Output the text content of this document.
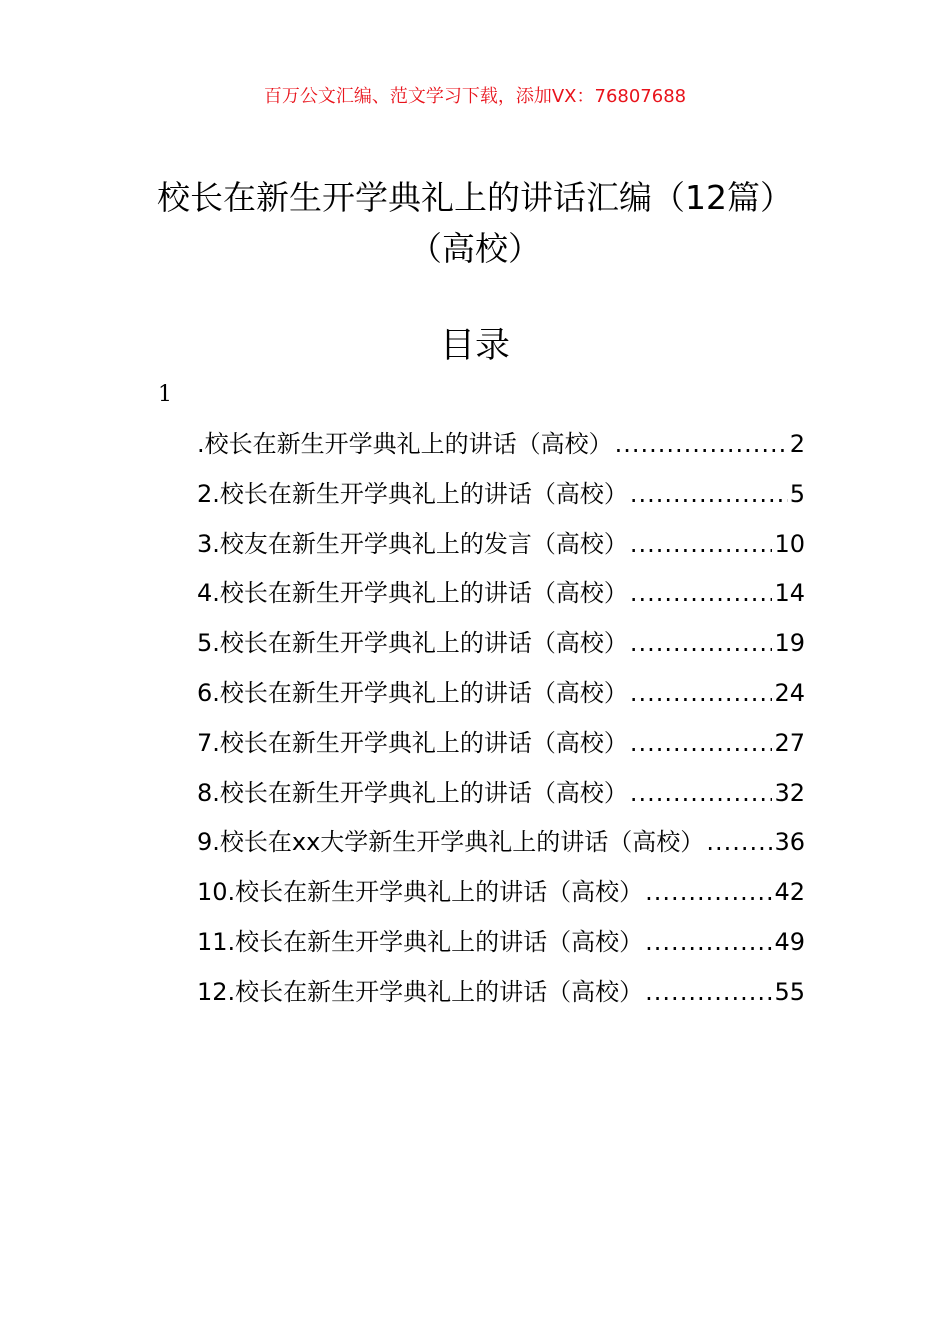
百万公文汇编、范文学习下载，添加VX：76807688
校长在新生开学典礼上的讲话汇编（12篇）（高校）
目录
1
.校长在新生开学典礼上的讲话（高校） .....	2
2.校长在新生开学典礼上的讲话（高校） .....	5
3.校友在新生开学典礼上的发言（高校） .....	10
4.校长在新生开学典礼上的讲话（高校） .....	14
5.校长在新生开学典礼上的讲话（高校） .....	19
6.校长在新生开学典礼上的讲话（高校） .....	24
7.校长在新生开学典礼上的讲话（高校） .....	27
8.校长在新生开学典礼上的讲话（高校） .....	32
9.校长在xx大学新生开学典礼上的讲话（高校） .....	36
10.校长在新生开学典礼上的讲话（高校） .....	42
11.校长在新生开学典礼上的讲话（高校） .....	49
12.校长在新生开学典礼上的讲话（高校） .....	55
